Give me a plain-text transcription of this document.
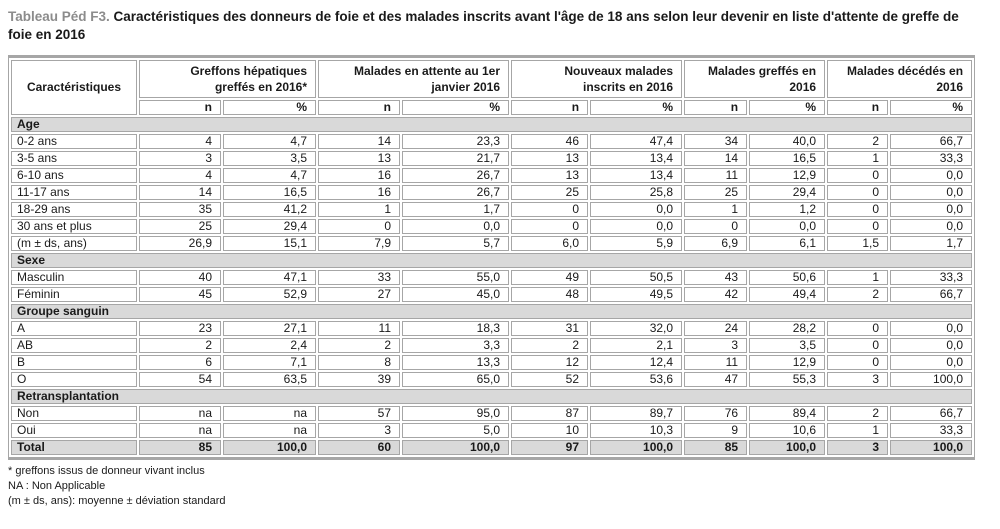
Tableau Péd F3. Caractéristiques des donneurs de foie et des malades inscrits avant l'âge de 18 ans selon leur devenir en liste d'attente de greffe de foie en 2016
Caractéristiques	Greffons hépatiques greffés en 2016*		Malades en attente au 1er janvier 2016		Nouveaux malades inscrits en 2016		Malades greffés en 2016		Malades décédés en 2016	
	n	%	n	%	n	%	n	%	n	%
Age										
0-2 ans	4	4,7	14	23,3	46	47,4	34	40,0	2	66,7
3-5 ans	3	3,5	13	21,7	13	13,4	14	16,5	1	33,3
6-10 ans	4	4,7	16	26,7	13	13,4	11	12,9	0	0,0
11-17 ans	14	16,5	16	26,7	25	25,8	25	29,4	0	0,0
18-29 ans	35	41,2	1	1,7	0	0,0	1	1,2	0	0,0
30 ans et plus	25	29,4	0	0,0	0	0,0	0	0,0	0	0,0
(m ± ds, ans)	26,9	15,1	7,9	5,7	6,0	5,9	6,9	6,1	1,5	1,7
Sexe										
Masculin	40	47,1	33	55,0	49	50,5	43	50,6	1	33,3
Féminin	45	52,9	27	45,0	48	49,5	42	49,4	2	66,7
Groupe sanguin										
A	23	27,1	11	18,3	31	32,0	24	28,2	0	0,0
AB	2	2,4	2	3,3	2	2,1	3	3,5	0	0,0
B	6	7,1	8	13,3	12	12,4	11	12,9	0	0,0
O	54	63,5	39	65,0	52	53,6	47	55,3	3	100,0
Retransplantation										
Non	na	na	57	95,0	87	89,7	76	89,4	2	66,7
Oui	na	na	3	5,0	10	10,3	9	10,6	1	33,3
Total	85	100,0	60	100,0	97	100,0	85	100,0	3	100,0
* greffons issus de donneur vivant inclus
NA : Non Applicable
(m ± ds, ans): moyenne ± déviation standard
